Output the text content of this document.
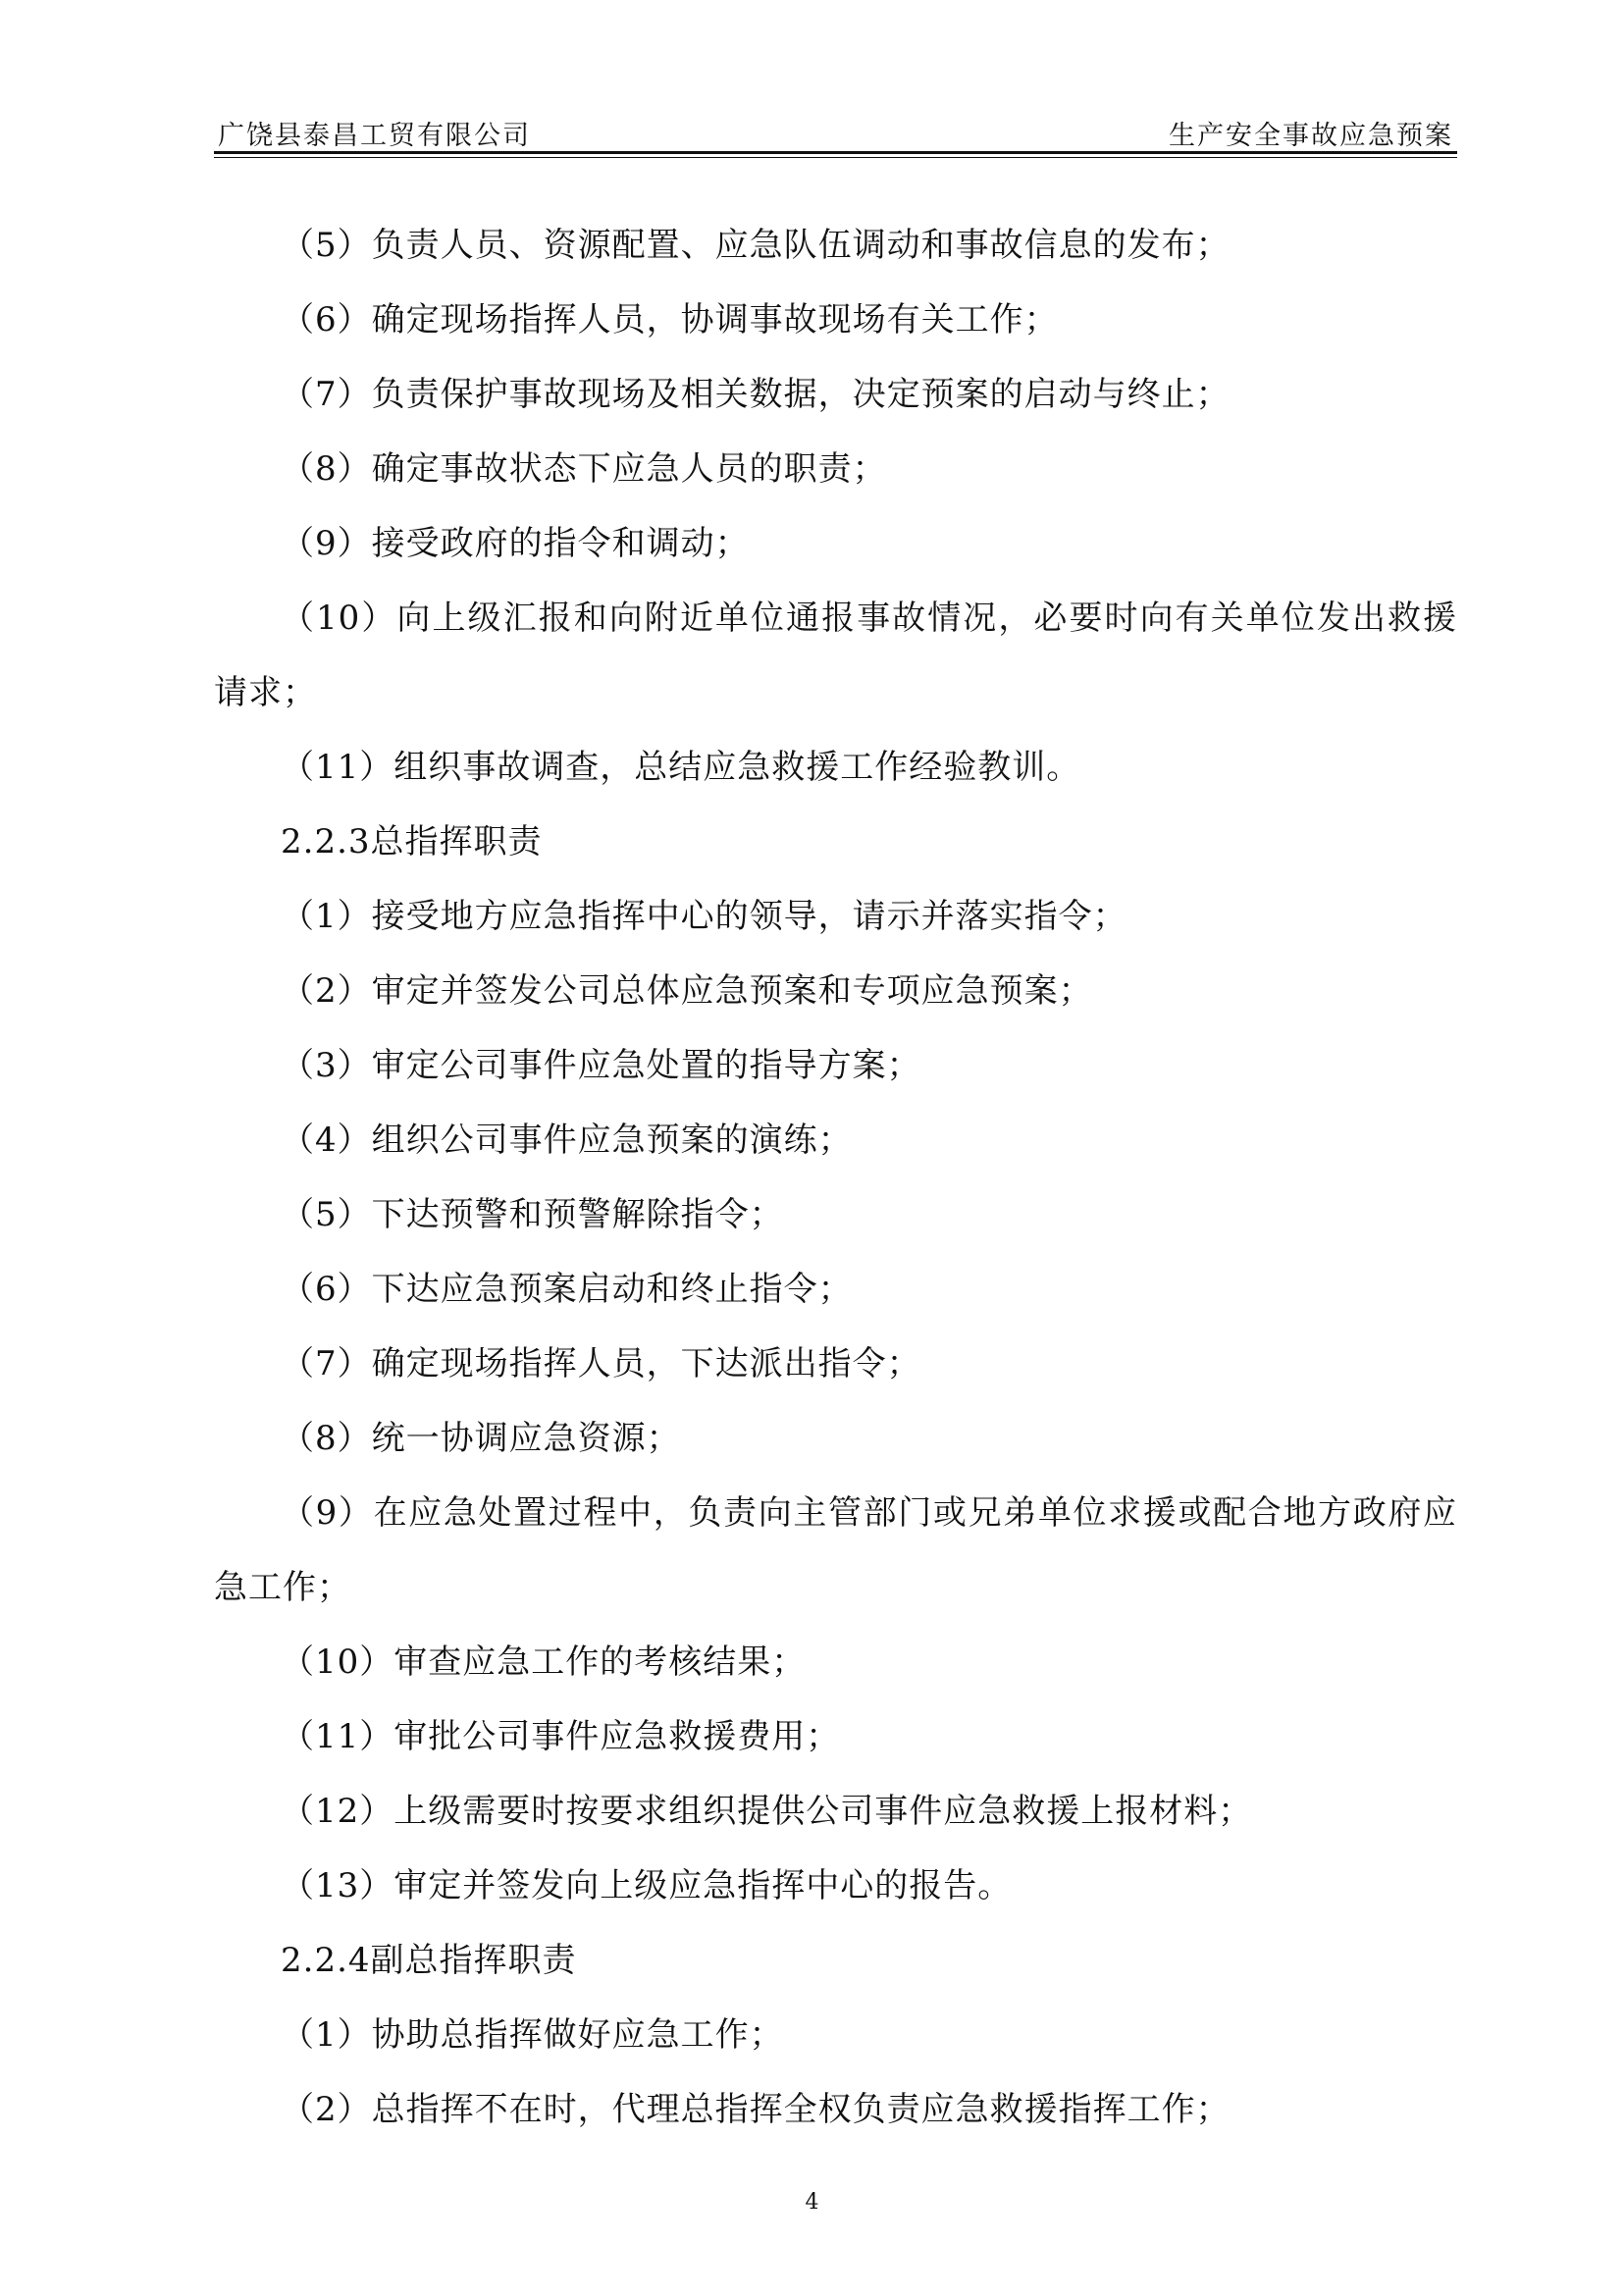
广饶县泰昌工贸有限公司	生产安全事故应急预案

（5）负责人员、资源配置、应急队伍调动和事故信息的发布；

（6）确定现场指挥人员，协调事故现场有关工作；

（7）负责保护事故现场及相关数据，决定预案的启动与终止；

（8）确定事故状态下应急人员的职责；

（9）接受政府的指令和调动；

（10）向上级汇报和向附近单位通报事故情况，必要时向有关单位发出救援请求；

（11）组织事故调查，总结应急救援工作经验教训。

2.2.3总指挥职责

（1）接受地方应急指挥中心的领导，请示并落实指令；

（2）审定并签发公司总体应急预案和专项应急预案；

（3）审定公司事件应急处置的指导方案；

（4）组织公司事件应急预案的演练；

（5）下达预警和预警解除指令；

（6）下达应急预案启动和终止指令；

（7）确定现场指挥人员，下达派出指令；

（8）统一协调应急资源；

（9）在应急处置过程中，负责向主管部门或兄弟单位求援或配合地方政府应急工作；

（10）审查应急工作的考核结果；

（11）审批公司事件应急救援费用；

（12）上级需要时按要求组织提供公司事件应急救援上报材料；

（13）审定并签发向上级应急指挥中心的报告。

2.2.4副总指挥职责

（1）协助总指挥做好应急工作；

（2）总指挥不在时，代理总指挥全权负责应急救援指挥工作；

4
